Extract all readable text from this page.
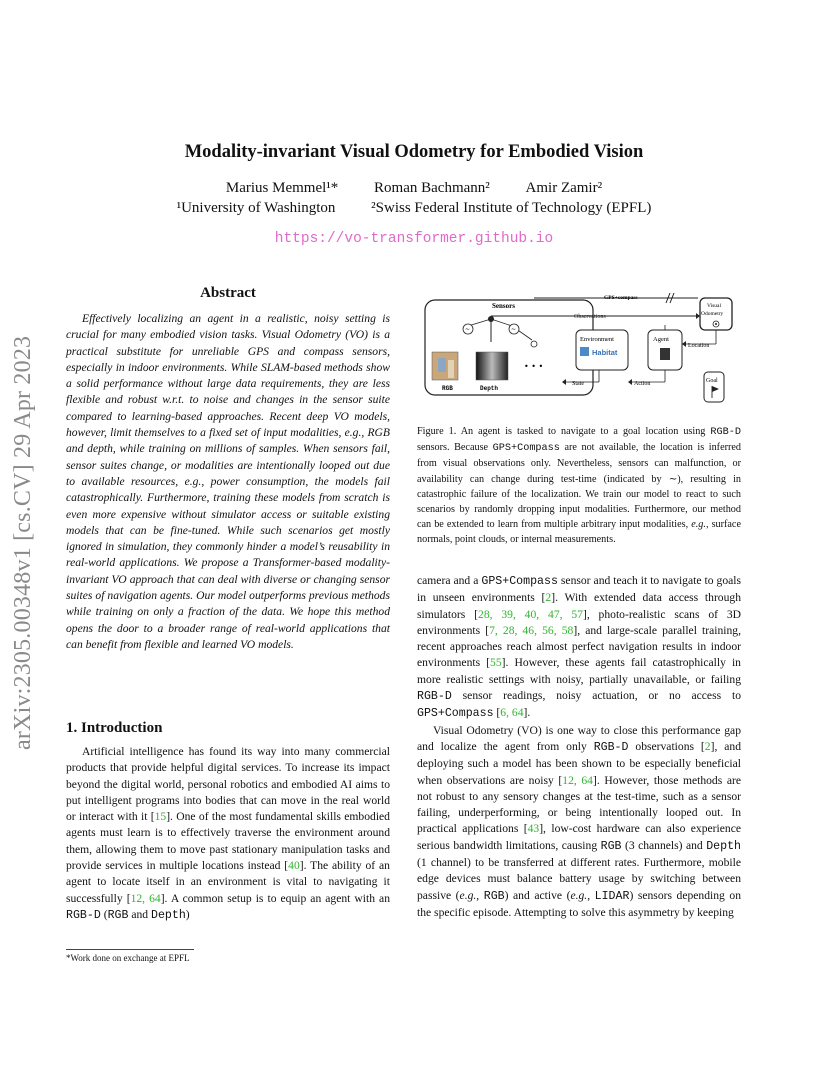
arXiv:2305.00348v1 [cs.CV] 29 Apr 2023
Modality-invariant Visual Odometry for Embodied Vision
Marius Memmel¹* Roman Bachmann² Amir Zamir²
¹University of Washington ²Swiss Federal Institute of Technology (EPFL)
https://vo-transformer.github.io
Abstract
Effectively localizing an agent in a realistic, noisy setting is crucial for many embodied vision tasks. Visual Odometry (VO) is a practical substitute for unreliable GPS and compass sensors, especially in indoor environments. While SLAM-based methods show a solid performance without large data requirements, they are less flexible and robust w.r.t. to noise and changes in the sensor suite compared to learning-based approaches. Recent deep VO models, however, limit themselves to a fixed set of input modalities, e.g., RGB and depth, while training on millions of samples. When sensors fail, sensor suites change, or modalities are intentionally looped out due to available resources, e.g., power consumption, the models fail catastrophically. Furthermore, training these models from scratch is even more expensive without simulator access or suitable existing models that can be fine-tuned. While such scenarios get mostly ignored in simulation, they commonly hinder a model’s reusability in real-world applications. We propose a Transformer-based modality-invariant VO approach that can deal with diverse or changing sensor suites of navigation agents. Our model outperforms previous methods while training on only a fraction of the data. We hope this method opens the door to a broader range of real-world applications that can benefit from flexible and learned VO models.
1. Introduction

Artificial intelligence has found its way into many commercial products that provide helpful digital services. To increase its impact beyond the digital world, personal robotics and embodied AI aims to put intelligent programs into bodies that can move in the real world or interact with it [15]. One of the most fundamental skills embodied agents must learn is to effectively traverse the environment around them, allowing them to move past stationary manipulation tasks and provide services in multiple locations instead [40]. The ability of an agent to locate itself in an environment is vital to navigating it successfully [12, 64]. A common setup is to equip an agent with an RGB-D (RGB and Depth)

*Work done on exchange at EPFL
Sensors
~	~
• • •
RGB	Depth
GPS+compass
Observations
Visual
Odometry
Environment
Habitat
Agent
Location
State	Action	Goal
Figure 1. An agent is tasked to navigate to a goal location using RGB-D sensors. Because GPS+Compass are not available, the location is inferred from visual observations only. Nevertheless, sensors can malfunction, or availability can change during test-time (indicated by ∼), resulting in catastrophic failure of the localization. We train our model to react to such scenarios by randomly dropping input modalities. Furthermore, our method can be extended to learn from multiple arbitrary input modalities, e.g., surface normals, point clouds, or internal measurements.

camera and a GPS+Compass sensor and teach it to navigate to goals in unseen environments [2]. With extended data access through simulators [28, 39, 40, 47, 57], photo-realistic scans of 3D environments [7, 28, 46, 56, 58], and large-scale parallel training, recent approaches reach almost perfect navigation results in indoor environments [55]. However, these agents fail catastrophically in more realistic settings with noisy, partially unavailable, or failing RGB-D sensor readings, noisy actuation, or no access to GPS+Compass [6, 64].

Visual Odometry (VO) is one way to close this performance gap and localize the agent from only RGB-D observations [2], and deploying such a model has been shown to be especially beneficial when observations are noisy [12, 64]. However, those methods are not robust to any sensory changes at the test-time, such as a sensor failing, underperforming, or being intentionally looped out. In practical applications [43], low-cost hardware can also experience serious bandwidth limitations, causing RGB (3 channels) and Depth (1 channel) to be transferred at different rates. Furthermore, mobile edge devices must balance battery usage by switching between passive (e.g., RGB) and active (e.g., LIDAR) sensors depending on the specific episode. Attempting to solve this asymmetry by keeping
